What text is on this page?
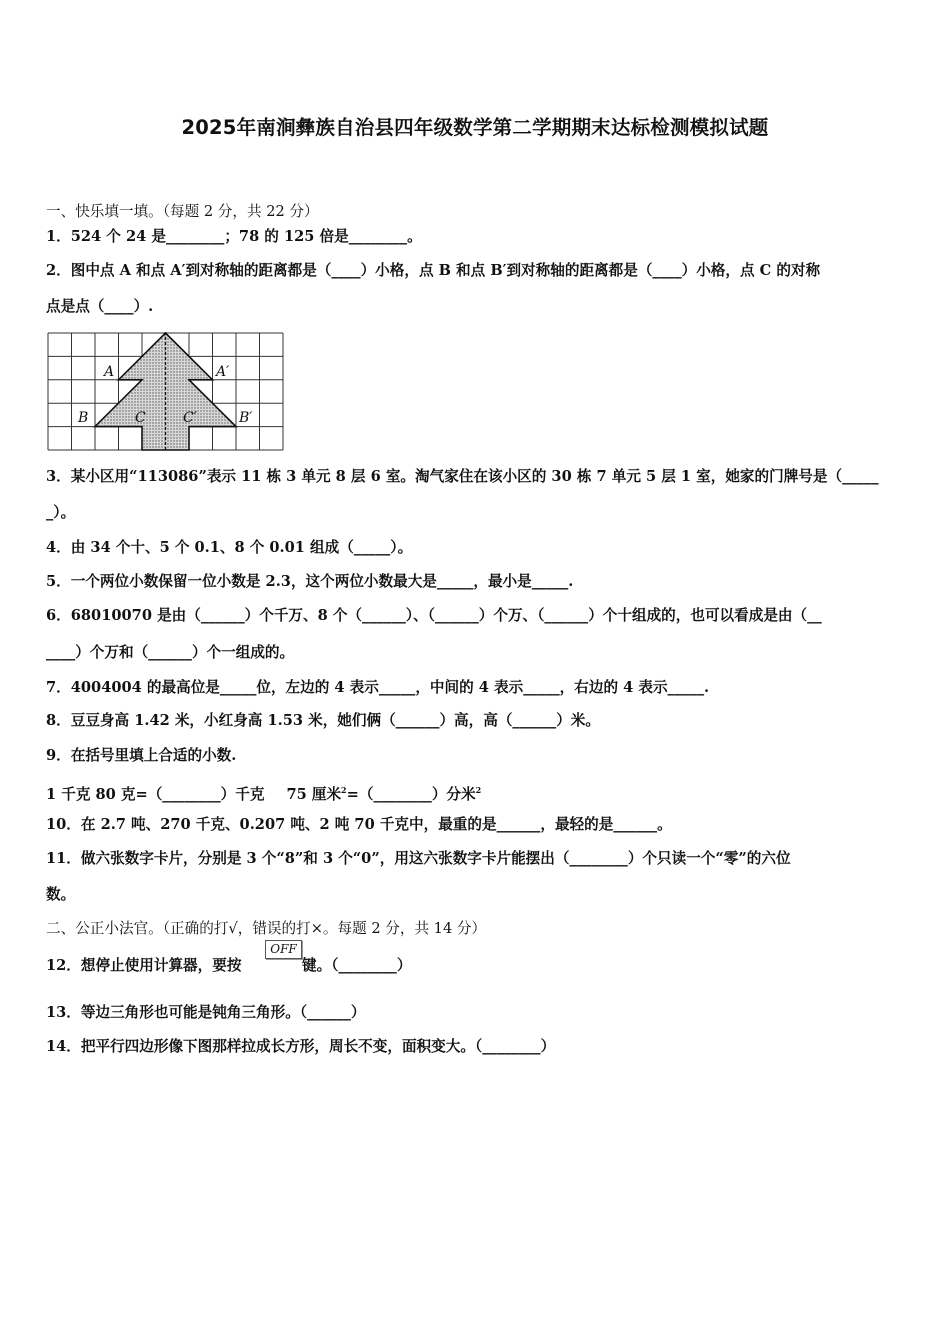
2025年南涧彝族自治县四年级数学第二学期期末达标检测模拟试题
一、快乐填一填。（每题 2 分，共 22 分）
1．524 个 24 是________；78 的 125 倍是________。
2．图中点 A 和点 A′到对称轴的距离都是（____）小格，点 B 和点 B′到对称轴的距离都是（____）小格，点 C 的对称
点是点（____）.
A	A′
B	C	C′	B′
3．某小区用“113086”表示 11 栋 3 单元 8 层 6 室。淘气家住在该小区的 30 栋 7 单元 5 层 1 室，她家的门牌号是（_____
_）。
4．由 34 个十、5 个 0.1、8 个 0.01 组成（_____）。
5．一个两位小数保留一位小数是 2.3，这个两位小数最大是_____，最小是_____.
6．68010070 是由（______）个千万、8 个（______）、（______）个万、（______）个十组成的，也可以看成是由（__
____）个万和（______）个一组成的。
7．4004004 的最高位是_____位，左边的 4 表示_____，中间的 4 表示_____，右边的 4 表示_____.
8．豆豆身高 1.42 米，小红身高 1.53 米，她们俩（______）高，高（______）米。
9．在括号里填上合适的小数.
1 千克 80 克=（________）千克 75 厘米$^2$=（________）分米$^2$
10．在 2.7 吨、270 千克、0.207 吨、2 吨 70 千克中，最重的是______，最轻的是______。
11．做六张数字卡片，分别是 3 个“8”和 3 个“0”，用这六张数字卡片能摆出（________）个只读一个“零”的六位
数。
二、公正小法官。（正确的打√，错误的打×。每题 2 分，共 14 分）
12．想停止使用计算器，要按
OFF
键。（________）
13．等边三角形也可能是钝角三角形。（______）
14．把平行四边形像下图那样拉成长方形，周长不变，面积变大。（________）
